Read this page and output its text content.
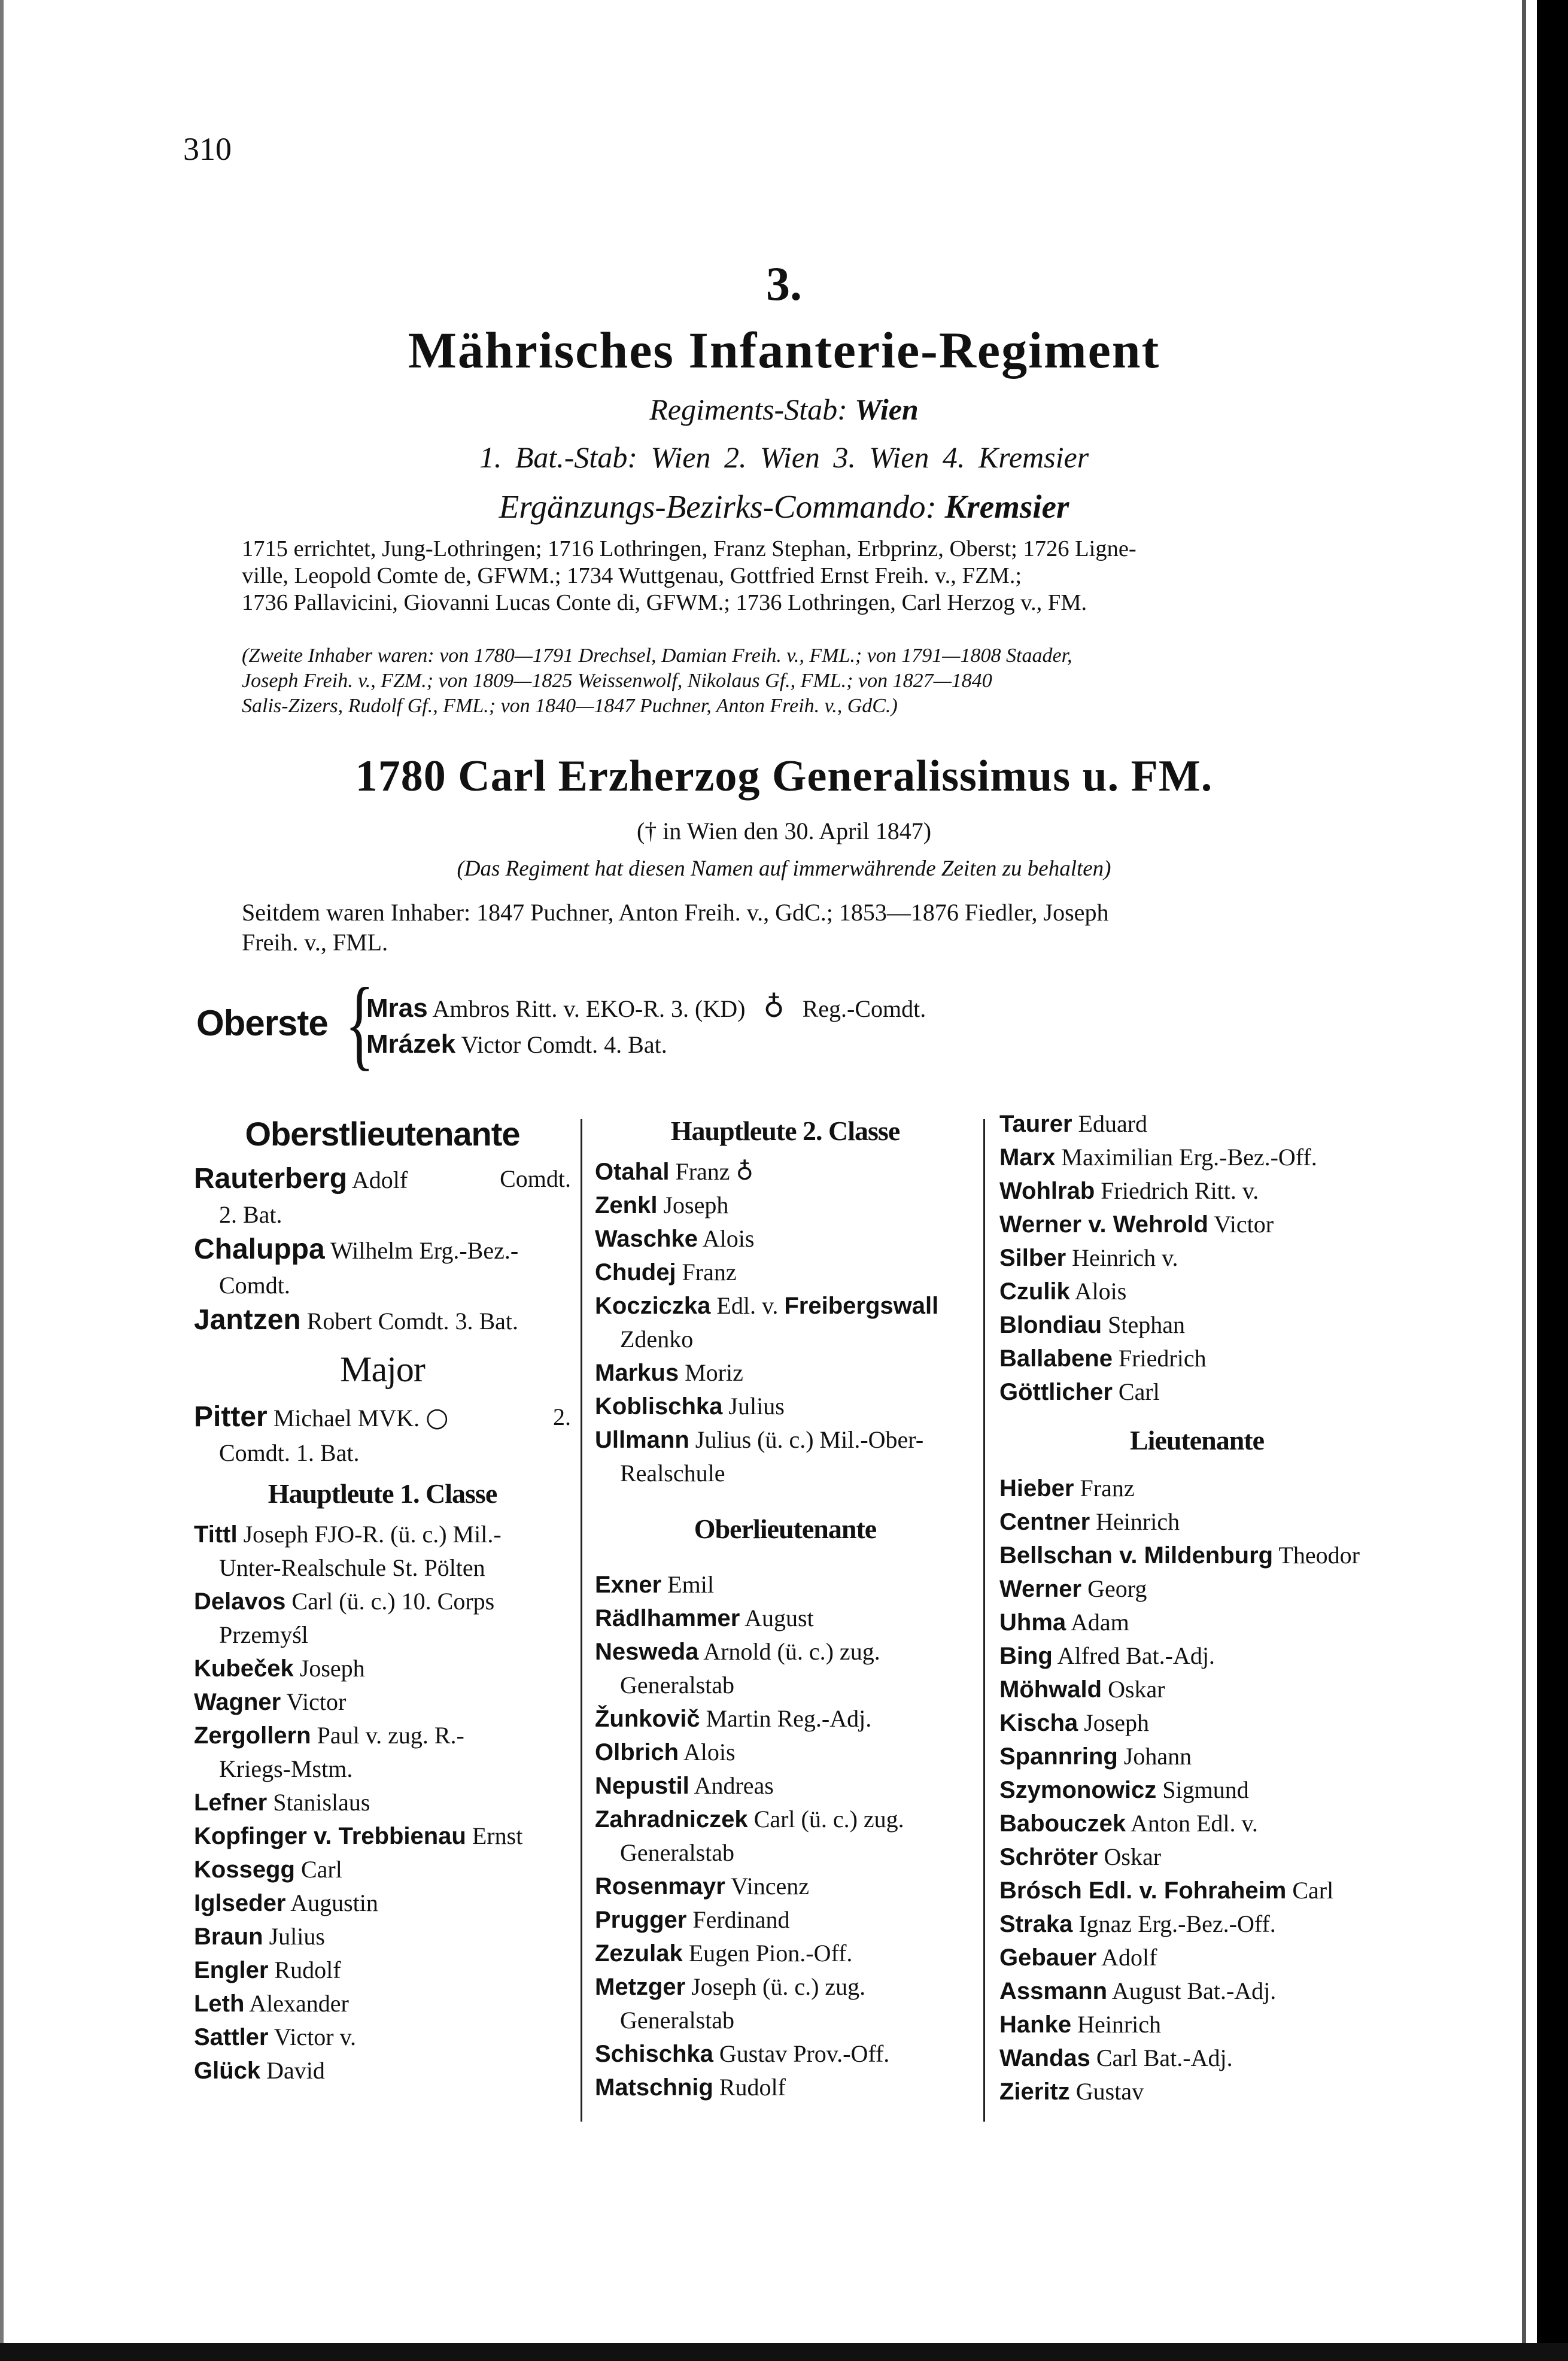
310
3.
Mährisches Infanterie-Regiment
Regiments-Stab: Wien
1. Bat.-Stab: Wien 2. Wien 3. Wien 4. Kremsier
Ergänzungs-Bezirks-Commando: Kremsier
1715 errichtet, Jung-Lothringen; 1716 Lothringen, Franz Stephan, Erbprinz, Oberst; 1726 Ligne-
ville, Leopold Comte de, GFWM.; 1734 Wuttgenau, Gottfried Ernst Freih. v., FZM.;
1736 Pallavicini, Giovanni Lucas Conte di, GFWM.; 1736 Lothringen, Carl Herzog v., FM.
(Zweite Inhaber waren: von 1780—1791 Drechsel, Damian Freih. v., FML.; von 1791—1808 Staader,
Joseph Freih. v., FZM.; von 1809—1825 Weissenwolf, Nikolaus Gf., FML.; von 1827—1840
Salis-Zizers, Rudolf Gf., FML.; von 1840—1847 Puchner, Anton Freih. v., GdC.)
1780 Carl Erzherzog Generalissimus u. FM.
(† in Wien den 30. April 1847)
(Das Regiment hat diesen Namen auf immerwährende Zeiten zu behalten)
Seitdem waren Inhaber: 1847 Puchner, Anton Freih. v., GdC.; 1853—1876 Fiedler, Joseph
Freih. v., FML.
Oberste {
Mras Ambros Ritt. v. EKO-R. 3. (KD) ♁ Reg.-Comdt.
Mrázek Victor Comdt. 4. Bat.
Oberstlieutenante
Rauterberg Adolf	Comdt.
2. Bat.
Chaluppa Wilhelm Erg.-Bez.-
Comdt.
Jantzen Robert Comdt. 3. Bat.
Major
Pitter Michael MVK. ○	2.
Comdt. 1. Bat.
Hauptleute 1. Classe
Tittl Joseph FJO-R. (ü. c.) Mil.-
Unter-Realschule St. Pölten
Delavos Carl (ü. c.) 10. Corps
Przemyśl
Kubeček Joseph
Wagner Victor
Zergollern Paul v. zug. R.-
Kriegs-Mstm.
Lefner Stanislaus
Kopfinger v. Trebbienau Ernst
Kossegg Carl
Iglseder Augustin
Braun Julius
Engler Rudolf
Leth Alexander
Sattler Victor v.
Glück David
Hauptleute 2. Classe
Otahal Franz ♁
Zenkl Joseph
Waschke Alois
Chudej Franz
Kocziczka Edl. v. Freibergswall
Zdenko
Markus Moriz
Koblischka Julius
Ullmann Julius (ü. c.) Mil.-Ober-
Realschule
Oberlieutenante
Exner Emil
Rädlhammer August
Nesweda Arnold (ü. c.) zug.
Generalstab
Žunkovič Martin Reg.-Adj.
Olbrich Alois
Nepustil Andreas
Zahradniczek Carl (ü. c.) zug.
Generalstab
Rosenmayr Vincenz
Prugger Ferdinand
Zezulak Eugen Pion.-Off.
Metzger Joseph (ü. c.) zug.
Generalstab
Schischka Gustav Prov.-Off.
Matschnig Rudolf
Taurer Eduard
Marx Maximilian Erg.-Bez.-Off.
Wohlrab Friedrich Ritt. v.
Werner v. Wehrold Victor
Silber Heinrich v.
Czulik Alois
Blondiau Stephan
Ballabene Friedrich
Göttlicher Carl
Lieutenante
Hieber Franz
Centner Heinrich
Bellschan v. Mildenburg Theodor
Werner Georg
Uhma Adam
Bing Alfred Bat.-Adj.
Möhwald Oskar
Kischa Joseph
Spannring Johann
Szymonowicz Sigmund
Babouczek Anton Edl. v.
Schröter Oskar
Brósch Edl. v. Fohraheim Carl
Straka Ignaz Erg.-Bez.-Off.
Gebauer Adolf
Assmann August Bat.-Adj.
Hanke Heinrich
Wandas Carl Bat.-Adj.
Zieritz Gustav
